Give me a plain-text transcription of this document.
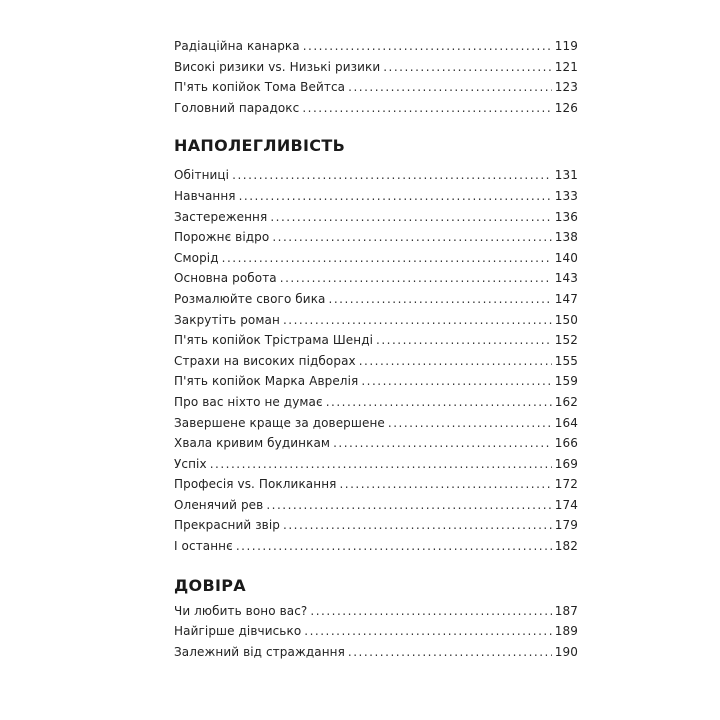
Радіаційна канарка .....	119
Високі ризики vs. Низькі ризики .....	121
П'ять копійок Тома Вейтса .....	123
Головний парадокс .....	126
НАПОЛЕГЛИВІСТЬ
Обітниці .....	131
Навчання .....	133
Застереження .....	136
Порожнє відро .....	138
Сморід .....	140
Основна робота .....	143
Розмалюйте свого бика .....	147
Закрутіть роман .....	150
П'ять копійок Трістрама Шенді .....	152
Страхи на високих підборах .....	155
П'ять копійок Марка Аврелія .....	159
Про вас ніхто не думає .....	162
Завершене краще за довершене .....	164
Хвала кривим будинкам .....	166
Успіх .....	169
Професія vs. Покликання .....	172
Оленячий рев .....	174
Прекрасний звір .....	179
І останнє .....	182
ДОВІРА
Чи любить воно вас? .....	187
Найгірше дівчисько .....	189
Залежний від страждання .....	190
